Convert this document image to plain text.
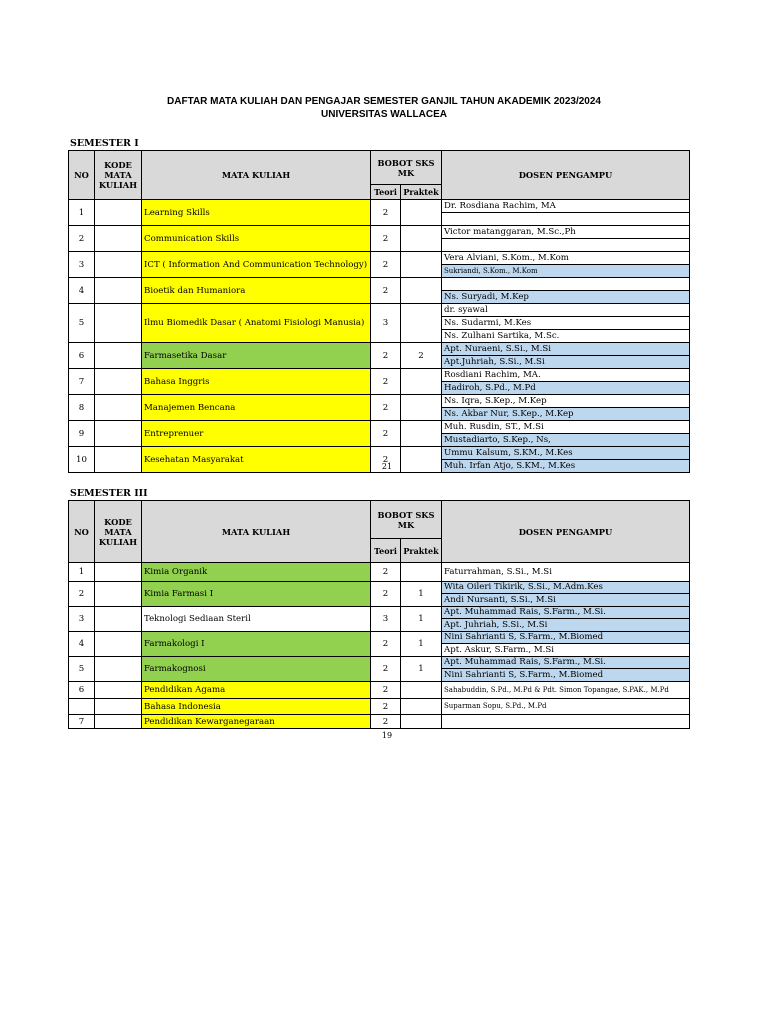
DAFTAR MATA KULIAH DAN PENGAJAR SEMESTER GANJIL TAHUN AKADEMIK 2023/2024
UNIVERSITAS WALLACEA
SEMESTER I
NO	KODE MATA KULIAH	MATA KULIAH	BOBOT SKS MK		DOSEN PENGAMPU
			Teori	Praktek	
1		Learning Skills	2		Dr. Rosdiana Rachim, MA

2		Communication Skills	2		Victor matanggaran, M.Sc.,Ph

3		ICT ( Information And Communication Technology)	2		Vera Alviani, S.Kom., M.Kom
Sukriandi, S.Kom., M.Kom

4		Bioetik dan Humaniora	2		Ns. Suryadi, M.Kep

5		Ilmu Biomedik Dasar ( Anatomi Fisiologi Manusia)	3		dr. syawal
Ns. Sudarmi, M.Kes
Ns. Zulhani Sartika, M.Sc.

6		Farmasetika Dasar	2	2	Apt. Nuraeni, S.Si., M.Si
Apt.Juhriah, S.Si., M.Si

7		Bahasa Inggris	2		Rosdiani Rachim, MA.
Hadiroh, S.Pd., M.Pd

8		Manajemen Bencana	2		Ns. Iqra, S.Kep., M.Kep
Ns. Akbar Nur, S.Kep., M.Kep

9		Entreprenuer	2		Muh. Rusdin, ST., M.Si
Mustadiarto, S.Kep., Ns,

10		Kesehatan Masyarakat	2		Ummu Kalsum, S.KM., M.Kes
Muh. Irfan Atjo, S.KM., M.Kes
21
SEMESTER III
NO	KODE MATA KULIAH	MATA KULIAH	BOBOT SKS MK		DOSEN PENGAMPU
			Teori	Praktek	
1		Kimia Organik	2		Faturrahman, S.Si., M.Si

2		Kimia Farmasi I	2	1	Wita Oileri Tikirik, S.Si., M.Adm.Kes
Andi Nursanti, S.Si., M.Si

3		Teknologi Sediaan Steril	3	1	Apt. Muhammad Rais, S.Farm., M.Si.
Apt. Juhriah, S.Si., M.Si

4		Farmakologi I	2	1	Nini Sahrianti S, S.Farm., M.Biomed
Apt. Askur, S.Farm., M.Si

5		Farmakognosi	2	1	Apt. Muhammad Rais, S.Farm., M.Si.
Nini Sahrianti S, S.Farm., M.Biomed

6		Pendidikan Agama	2		Sahabuddin, S.Pd., M.Pd & Pdt. Simon Topangae, S.PAK., M.Pd

		Bahasa Indonesia	2		Suparman Sopu, S.Pd., M.Pd

7		Pendidikan Kewarganegaraan	2		
19
